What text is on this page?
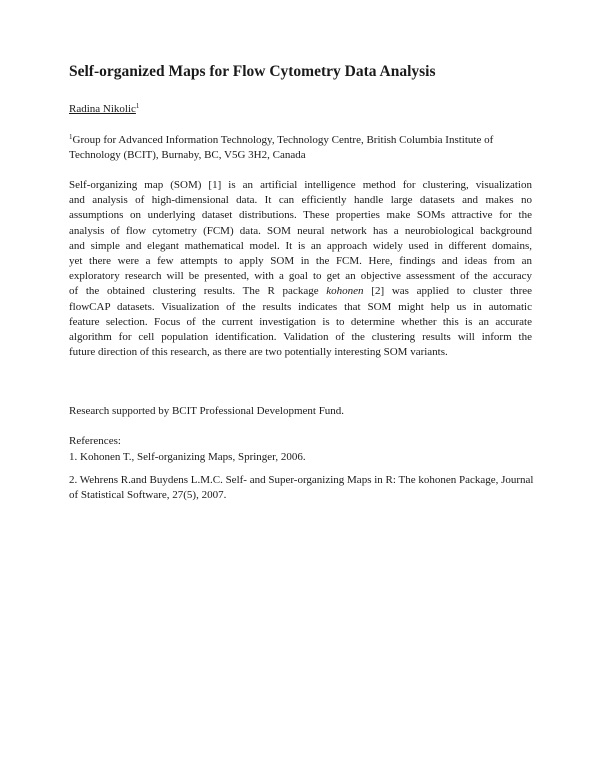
Self-organized Maps for Flow Cytometry Data Analysis
Radina Nikolic$^1$
$^1$Group for Advanced Information Technology, Technology Centre, British Columbia Institute of Technology (BCIT), Burnaby, BC, V5G 3H2, Canada
Self-organizing map (SOM) [1] is an artificial intelligence method for clustering, visualization
and analysis of high-dimensional data. It can efficiently handle large datasets and makes no
assumptions on underlying dataset distributions. These properties make SOMs attractive for the
analysis of flow cytometry (FCM) data. SOM neural network has a neurobiological background
and simple and elegant mathematical model. It is an approach widely used in different domains,
yet there were a few attempts to apply SOM in the FCM. Here, findings and ideas from an
exploratory research will be presented, with a goal to get an objective assessment of the accuracy
of the obtained clustering results. The R package kohonen [2] was applied to cluster three
flowCAP datasets. Visualization of the results indicates that SOM might help us in automatic
feature selection. Focus of the current investigation is to determine whether this is an accurate
algorithm for cell population identification. Validation of the clustering results will inform the
future direction of this research, as there are two potentially interesting SOM variants.
Research supported by BCIT Professional Development Fund.
References:
1. Kohonen T., Self-organizing Maps, Springer, 2006.
2. Wehrens R.and Buydens L.M.C. Self- and Super-organizing Maps in R: The kohonen Package, Journal of Statistical Software, 27(5), 2007.
